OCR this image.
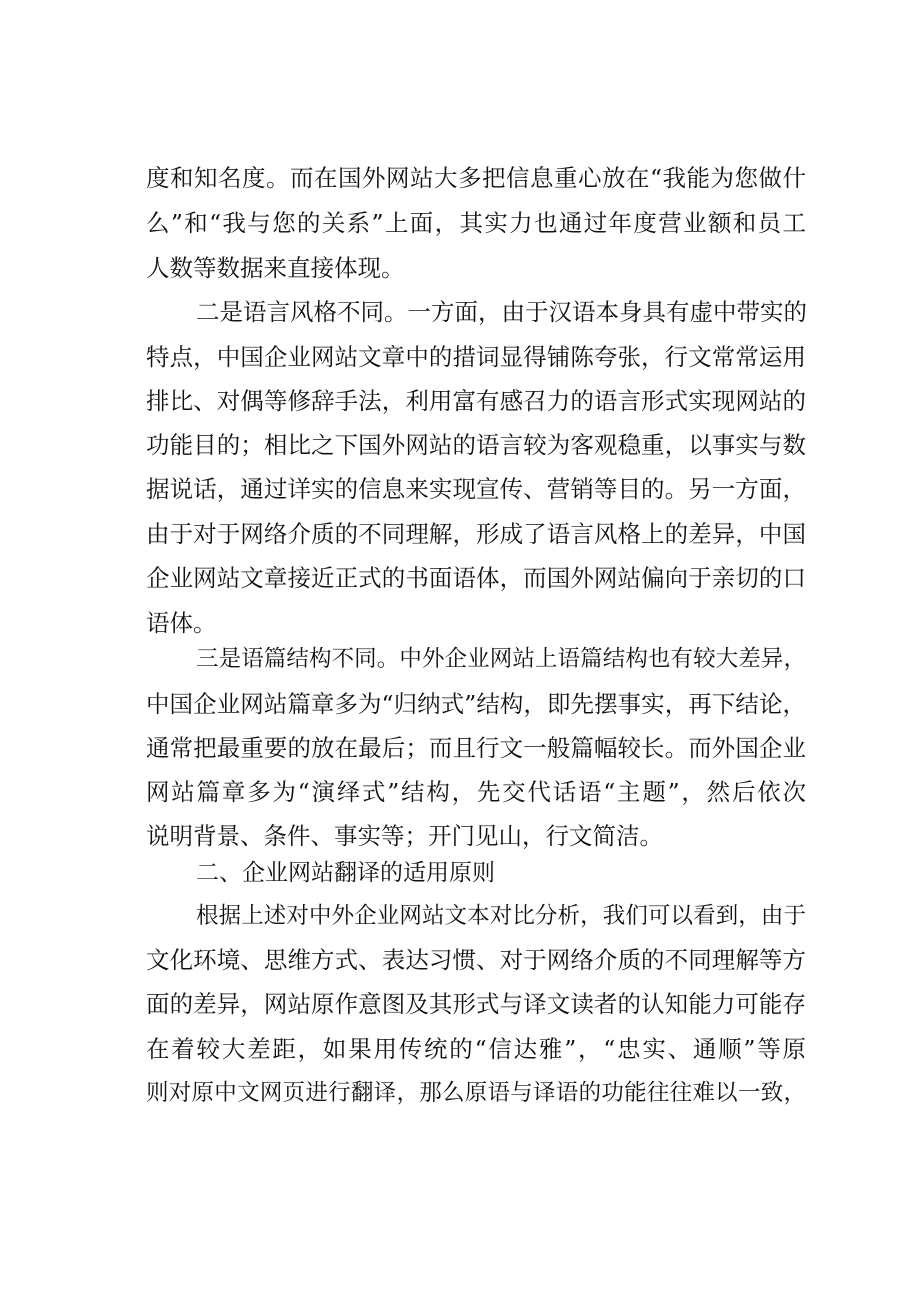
度和知名度。而在国外网站大多把信息重心放在“我能为您做什
么”和“我与您的关系”上面，其实力也通过年度营业额和员工
人数等数据来直接体现。
二是语言风格不同。一方面，由于汉语本身具有虚中带实的
特点，中国企业网站文章中的措词显得铺陈夸张，行文常常运用
排比、对偶等修辞手法，利用富有感召力的语言形式实现网站的
功能目的；相比之下国外网站的语言较为客观稳重，以事实与数
据说话，通过详实的信息来实现宣传、营销等目的。另一方面，
由于对于网络介质的不同理解，形成了语言风格上的差异，中国
企业网站文章接近正式的书面语体，而国外网站偏向于亲切的口
语体。
三是语篇结构不同。中外企业网站上语篇结构也有较大差异，
中国企业网站篇章多为“归纳式”结构，即先摆事实，再下结论，
通常把最重要的放在最后；而且行文一般篇幅较长。而外国企业
网站篇章多为“演绎式”结构，先交代话语“主题”，然后依次
说明背景、条件、事实等；开门见山，行文简洁。
二、企业网站翻译的适用原则
根据上述对中外企业网站文本对比分析，我们可以看到，由于
文化环境、思维方式、表达习惯、对于网络介质的不同理解等方
面的差异，网站原作意图及其形式与译文读者的认知能力可能存
在着较大差距，如果用传统的“信达雅”，“忠实、通顺”等原
则对原中文网页进行翻译，那么原语与译语的功能往往难以一致，
